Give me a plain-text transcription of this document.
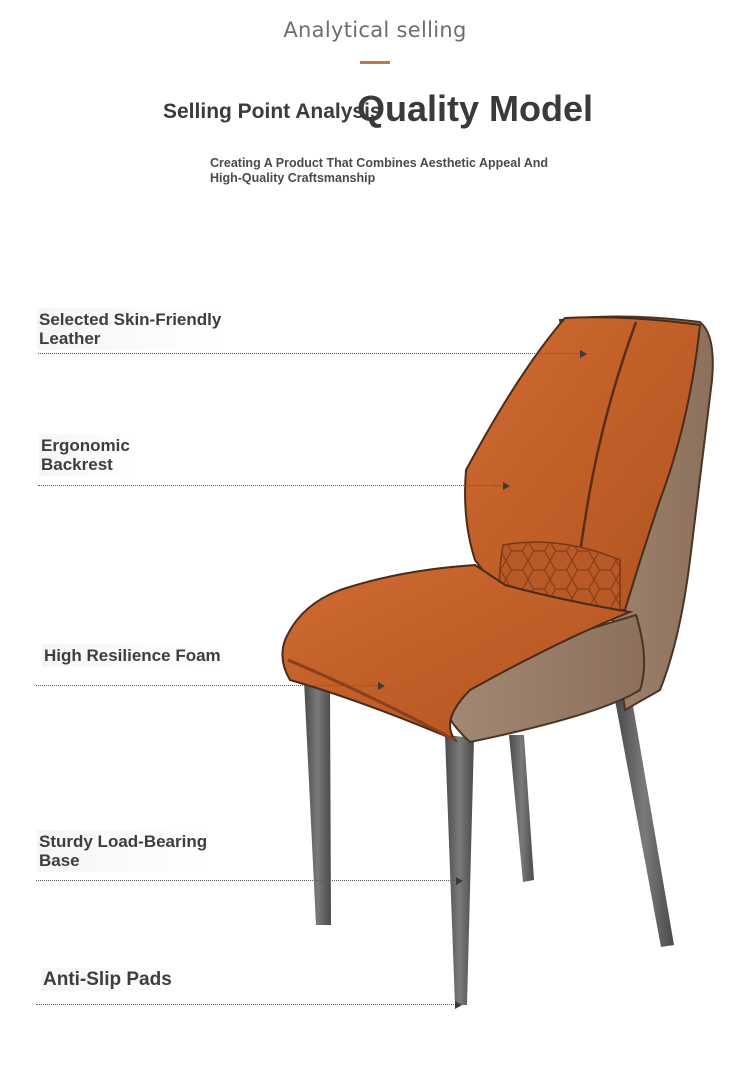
Analytical selling
Selling Point Analysis
Quality Model
Creating A Product That Combines Aesthetic Appeal And High-Quality Craftsmanship
Selected Skin-Friendly
Leather
Ergonomic
Backrest
High Resilience Foam
Sturdy Load-Bearing
Base
Anti-Slip Pads
